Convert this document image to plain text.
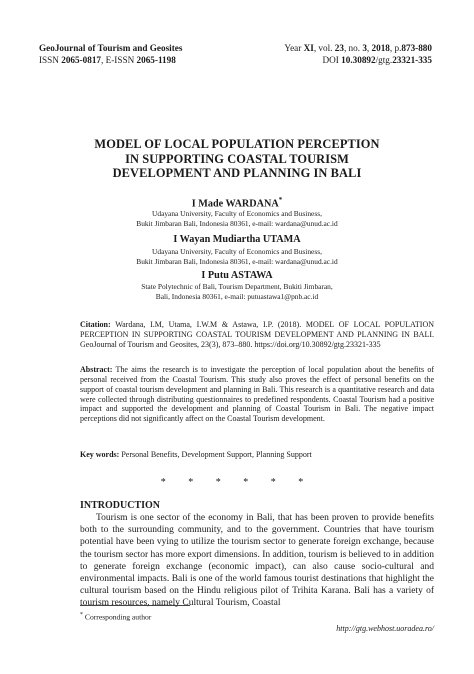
GeoJournal of Tourism and Geosites
ISSN 2065-0817, E-ISSN 2065-1198
Year XI, vol. 23, no. 3, 2018, p.873-880
DOI 10.30892/gtg.23321-335
MODEL OF LOCAL POPULATION PERCEPTION
IN SUPPORTING COASTAL TOURISM
DEVELOPMENT AND PLANNING IN BALI
I Made WARDANA*
Udayana University, Faculty of Economics and Business,
Bukit Jimbaran Bali, Indonesia 80361, e-mail: wardana@unud.ac.id
I Wayan Mudiartha UTAMA
Udayana University, Faculty of Economics and Business,
Bukit Jimbaran Bali, Indonesia 80361, e-mail: wardana@unud.ac.id
I Putu ASTAWA
State Polytechnic of Bali, Tourism Department, Bukiti Jimbaran,
Bali, Indonesia 80361, e-mail: putuastawa1@pnb.ac.id
Citation: Wardana, I.M, Utama, I.W.M & Astawa, I.P. (2018). MODEL OF LOCAL POPULATION PERCEPTION IN SUPPORTING COASTAL TOURISM DEVELOPMENT AND PLANNING IN BALI. GeoJournal of Tourism and Geosites, 23(3), 873–880. https://doi.org/10.30892/gtg.23321-335
Abstract: The aims the research is to investigate the perception of local population about the benefits of personal received from the Coastal Tourism. This study also proves the effect of personal benefits on the support of coastal tourism development and planning in Bali. This research is a quantitative research and data were collected through distributing questionnaires to predefined respondents. Coastal Tourism had a positive impact and supported the development and planning of Coastal Tourism in Bali. The negative impact perceptions did not significantly affect on the Coastal Tourism development.
Key words: Personal Benefits, Development Support, Planning Support
* * * * * *
INTRODUCTION
Tourism is one sector of the economy in Bali, that has been proven to provide benefits both to the surrounding community, and to the government. Countries that have tourism potential have been vying to utilize the tourism sector to generate foreign exchange, because the tourism sector has more export dimensions. In addition, tourism is believed to in addition to generate foreign exchange (economic impact), can also cause socio-cultural and environmental impacts. Bali is one of the world famous tourist destinations that highlight the cultural tourism based on the Hindu religious pilot of Trihita Karana. Bali has a variety of tourism resources, namely Cultural Tourism, Coastal
* Corresponding author
http://gtg.webhost.uoradea.ro/
